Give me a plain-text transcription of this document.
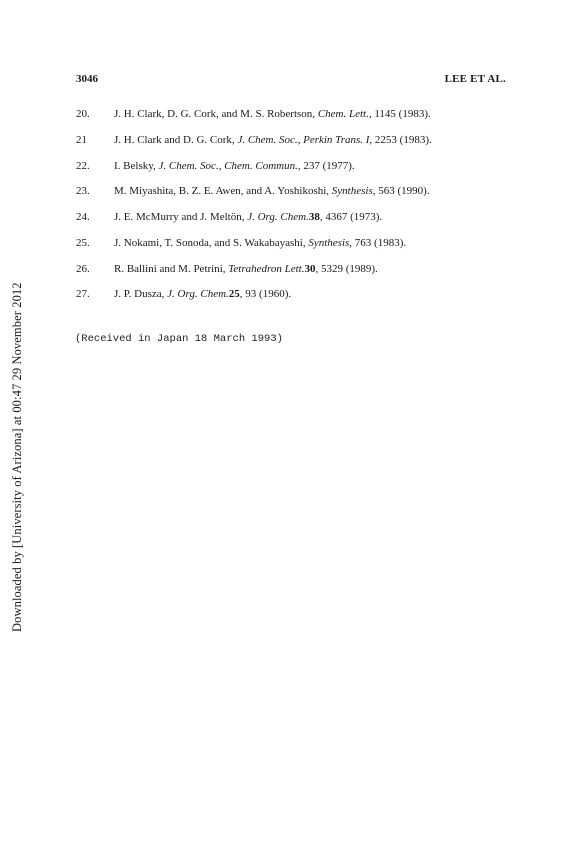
Downloaded by [University of Arizona] at 00:47 29 November 2012
3046	LEE ET AL.
20. J. H. Clark, D. G. Cork, and M. S. Robertson, Chem. Lett., 1145 (1983).
21 J. H. Clark and D. G. Cork, J. Chem. Soc., Perkin Trans. I, 2253 (1983).
22. I. Belsky, J. Chem. Soc., Chem. Commun., 237 (1977).
23. M. Miyashita, B. Z. E. Awen, and A. Yoshikoshi, Synthesis, 563 (1990).
24. J. E. McMurry and J. Meltön, J. Org. Chem.38, 4367 (1973).
25. J. Nokami, T. Sonoda, and S. Wakabayashi, Synthesis, 763 (1983).
26. R. Ballini and M. Petrini, Tetrahedron Lett.30, 5329 (1989).
27. J. P. Dusza, J. Org. Chem.25, 93 (1960).
(Received in Japan 18 March 1993)
